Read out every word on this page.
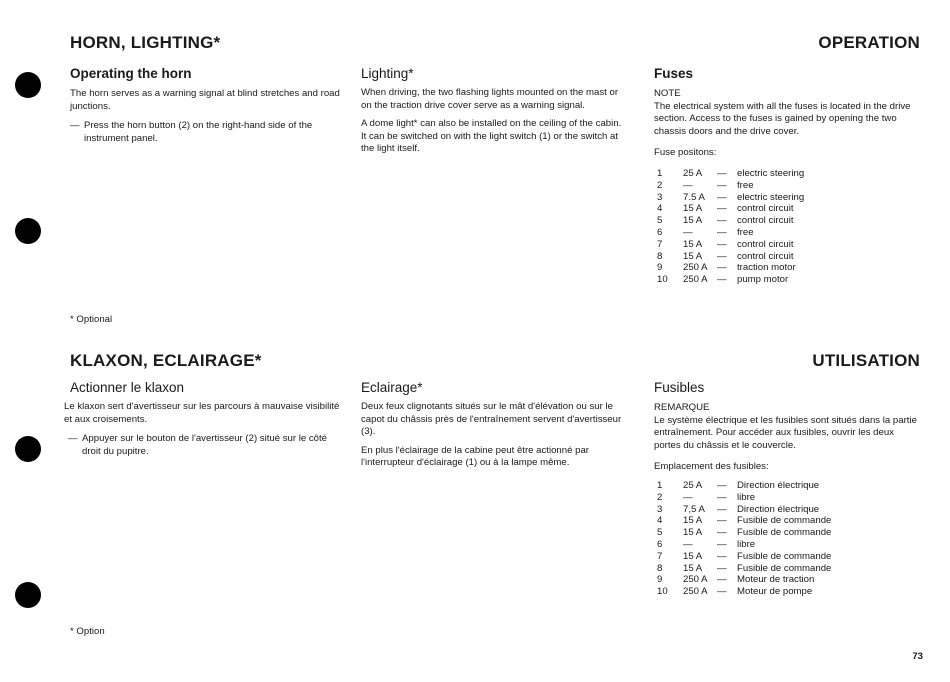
HORN, LIGHTING*	OPERATION
Operating the horn
The horn serves as a warning signal at blind stretches and road junctions.
— Press the horn button (2) on the right-hand side of the instrument panel.
* Optional
Lighting*
When driving, the two flashing lights mounted on the mast or on the traction drive cover serve as a warning signal.
A dome light* can also be installed on the ceiling of the cabin. It can be switched on with the light switch (1) or the switch at the light itself.
Fuses
NOTE
The electrical system with all the fuses is located in the drive section. Access to the fuses is gained by opening the two chassis doors and the drive cover.
Fuse positons:
1	25 A	—	electric steering
2	—	—	free
3	7.5 A	—	electric steering
4	15 A	—	control circuit
5	15 A	—	control circuit
6	—	—	free
7	15 A	—	control circuit
8	15 A	—	control circuit
9	250 A —	traction motor
10	250 A —	pump motor
KLAXON, ECLAIRAGE*	UTILISATION
Actionner le klaxon
Le klaxon sert d'avertisseur sur les parcours à mauvaise visibilité et aux croisements.
— Appuyer sur le bouton de l'avertisseur (2) situé sur le côté droit du pupitre.
* Option
Eclairage*
Deux feux clignotants situés sur le mât d'élévation ou sur le capot du châssis près de l'entraînement servent d'avertisseur (3).
En plus l'éclairage de la cabine peut être actionné par l'interrupteur d'éclairage (1) ou à la lampe même.
Fusibles
REMARQUE
Le système électrique et les fusibles sont situés dans la partie entraînement. Pour accéder aux fusibles, ouvrir les deux portes du châssis et le couvercle.
Emplacement des fusibles:
1	25 A	—	Direction électrique
2	—	—	libre
3	7,5 A	—	Direction électrique
4	15 A	—	Fusible de commande
5	15 A	—	Fusible de commande
6	—	—	libre
7	15 A	—	Fusible de commande
8	15 A	—	Fusible de commande
9	250 A —	Moteur de traction
10	250 A —	Moteur de pompe
73
